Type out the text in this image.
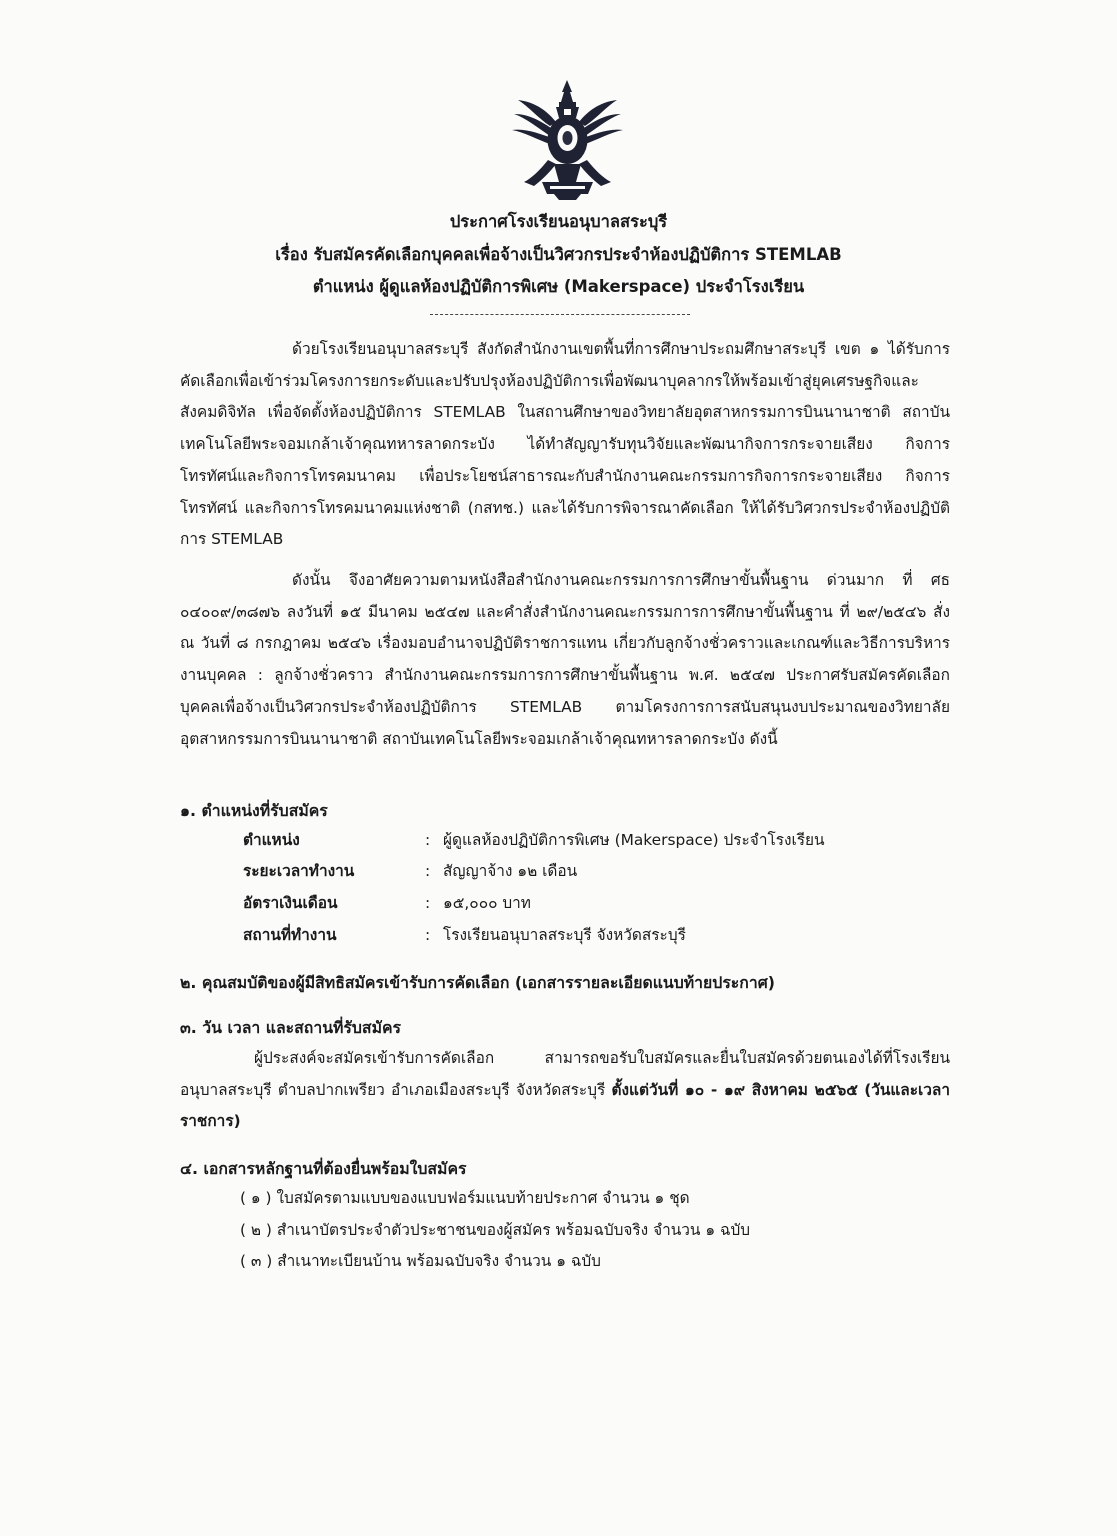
ประกาศโรงเรียนอนุบาลสระบุรี
เรื่อง รับสมัครคัดเลือกบุคคลเพื่อจ้างเป็นวิศวกรประจำห้องปฏิบัติการ STEMLAB
ตำแหน่ง ผู้ดูแลห้องปฏิบัติการพิเศษ (Makerspace) ประจำโรงเรียน
ด้วยโรงเรียนอนุบาลสระบุรี สังกัดสำนักงานเขตพื้นที่การศึกษาประถมศึกษาสระบุรี เขต ๑ ได้รับการคัดเลือกเพื่อเข้าร่วมโครงการยกระดับและปรับปรุงห้องปฏิบัติการเพื่อพัฒนาบุคลากรให้พร้อมเข้าสู่ยุคเศรษฐกิจและสังคมดิจิทัล เพื่อจัดตั้งห้องปฏิบัติการ STEMLAB ในสถานศึกษาของวิทยาลัยอุตสาหกรรมการบินนานาชาติ สถาบันเทคโนโลยีพระจอมเกล้าเจ้าคุณทหารลาดกระบัง ได้ทำสัญญารับทุนวิจัยและพัฒนากิจการกระจายเสียง กิจการโทรทัศน์และกิจการโทรคมนาคม เพื่อประโยชน์สาธารณะกับสำนักงานคณะกรรมการกิจการกระจายเสียง กิจการโทรทัศน์ และกิจการโทรคมนาคมแห่งชาติ (กสทช.) และได้รับการพิจารณาคัดเลือก ให้ได้รับวิศวกรประจำห้องปฏิบัติการ STEMLAB
ดังนั้น จึงอาศัยความตามหนังสือสำนักงานคณะกรรมการการศึกษาขั้นพื้นฐาน ด่วนมาก ที่ ศธ ๐๔๐๐๙/๓๘๗๖ ลงวันที่ ๑๕ มีนาคม ๒๕๔๗ และคำสั่งสำนักงานคณะกรรมการการศึกษาขั้นพื้นฐาน ที่ ๒๙/๒๕๔๖ สั่ง ณ วันที่ ๘ กรกฎาคม ๒๕๔๖ เรื่องมอบอำนาจปฏิบัติราชการแทน เกี่ยวกับลูกจ้างชั่วคราวและเกณฑ์และวิธีการบริหารงานบุคคล : ลูกจ้างชั่วคราว สำนักงานคณะกรรมการการศึกษาขั้นพื้นฐาน พ.ศ. ๒๕๔๗ ประกาศรับสมัครคัดเลือกบุคคลเพื่อจ้างเป็นวิศวกรประจำห้องปฏิบัติการ STEMLAB ตามโครงการการสนับสนุนงบประมาณของวิทยาลัยอุตสาหกรรมการบินนานาชาติ สถาบันเทคโนโลยีพระจอมเกล้าเจ้าคุณทหารลาดกระบัง ดังนี้
๑. ตำแหน่งที่รับสมัคร
ตำแหน่ง	: ผู้ดูแลห้องปฏิบัติการพิเศษ (Makerspace) ประจำโรงเรียน
ระยะเวลาทำงาน	: สัญญาจ้าง ๑๒ เดือน
อัตราเงินเดือน	: ๑๕,๐๐๐ บาท
สถานที่ทำงาน	: โรงเรียนอนุบาลสระบุรี จังหวัดสระบุรี
๒. คุณสมบัติของผู้มีสิทธิสมัครเข้ารับการคัดเลือก (เอกสารรายละเอียดแนบท้ายประกาศ)
๓. วัน เวลา และสถานที่รับสมัคร
ผู้ประสงค์จะสมัครเข้ารับการคัดเลือก สามารถขอรับใบสมัครและยื่นใบสมัครด้วยตนเองได้ที่โรงเรียนอนุบาลสระบุรี ตำบลปากเพรียว อำเภอเมืองสระบุรี จังหวัดสระบุรี ตั้งแต่วันที่ ๑๐ - ๑๙ สิงหาคม ๒๕๖๕ (วันและเวลาราชการ)
๔. เอกสารหลักฐานที่ต้องยื่นพร้อมใบสมัคร
( ๑ ) ใบสมัครตามแบบของแบบฟอร์มแนบท้ายประกาศ จำนวน ๑ ชุด
( ๒ ) สำเนาบัตรประจำตัวประชาชนของผู้สมัคร พร้อมฉบับจริง จำนวน ๑ ฉบับ
( ๓ ) สำเนาทะเบียนบ้าน พร้อมฉบับจริง จำนวน ๑ ฉบับ
